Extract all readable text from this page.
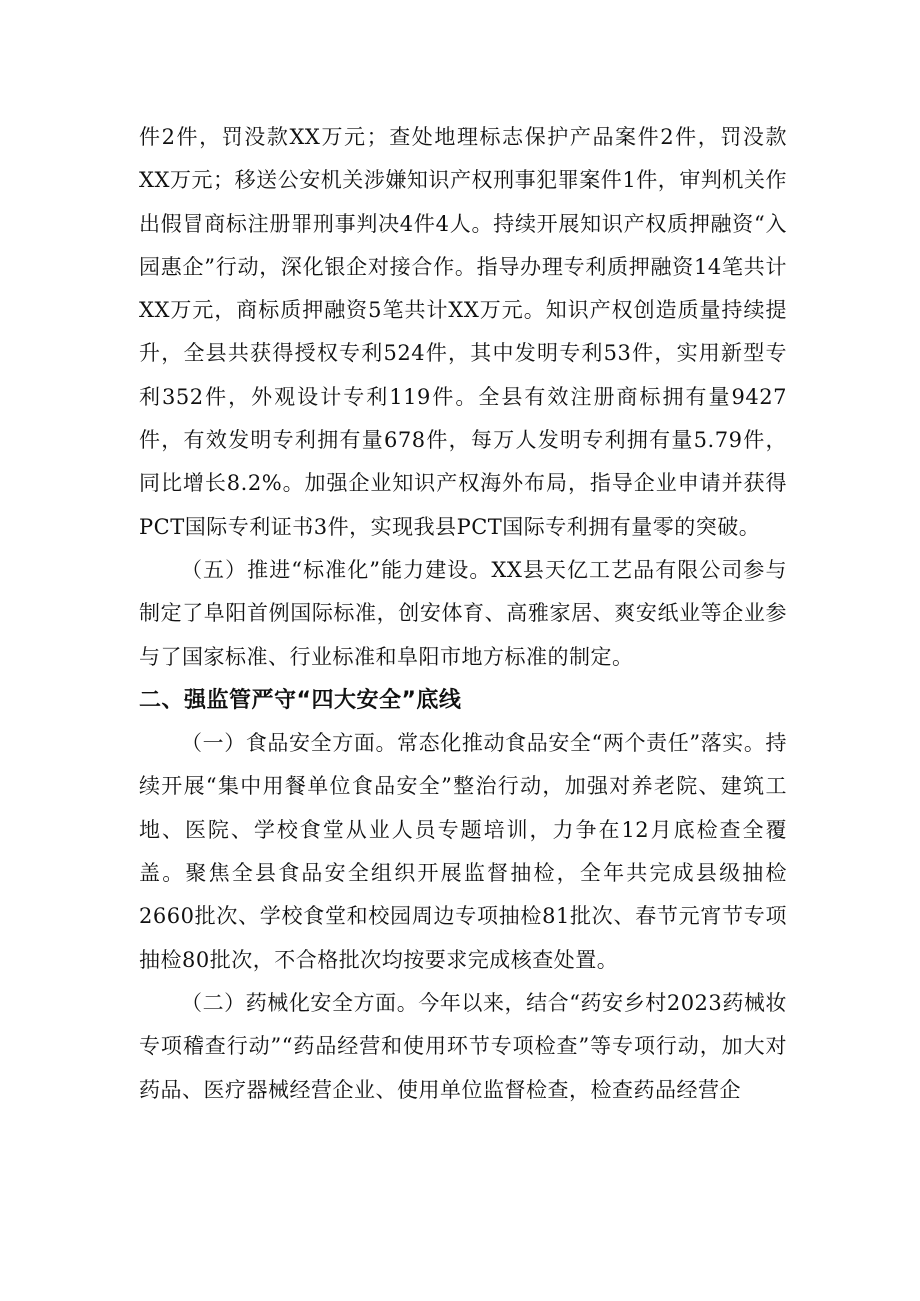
件2件，罚没款XX万元；查处地理标志保护产品案件2件，罚没款XX万元；移送公安机关涉嫌知识产权刑事犯罪案件1件，审判机关作出假冒商标注册罪刑事判决4件4人。持续开展知识产权质押融资“入园惠企”行动，深化银企对接合作。指导办理专利质押融资14笔共计XX万元，商标质押融资5笔共计XX万元。知识产权创造质量持续提升，全县共获得授权专利524件，其中发明专利53件，实用新型专利352件，外观设计专利119件。全县有效注册商标拥有量9427件，有效发明专利拥有量678件，每万人发明专利拥有量5.79件，同比增长8.2%。加强企业知识产权海外布局，指导企业申请并获得PCT国际专利证书3件，实现我县PCT国际专利拥有量零的突破。

（五）推进“标准化”能力建设。XX县天亿工艺品有限公司参与制定了阜阳首例国际标准，创安体育、高雅家居、爽安纸业等企业参与了国家标准、行业标准和阜阳市地方标准的制定。

二、强监管严守“四大安全”底线

（一）食品安全方面。常态化推动食品安全“两个责任”落实。持续开展“集中用餐单位食品安全”整治行动，加强对养老院、建筑工地、医院、学校食堂从业人员专题培训，力争在12月底检查全覆盖。聚焦全县食品安全组织开展监督抽检，全年共完成县级抽检2660批次、学校食堂和校园周边专项抽检81批次、春节元宵节专项抽检80批次，不合格批次均按要求完成核查处置。

（二）药械化安全方面。今年以来，结合“药安乡村2023药械妆专项稽查行动”“药品经营和使用环节专项检查”等专项行动，加大对药品、医疗器械经营企业、使用单位监督检查，检查药品经营企
